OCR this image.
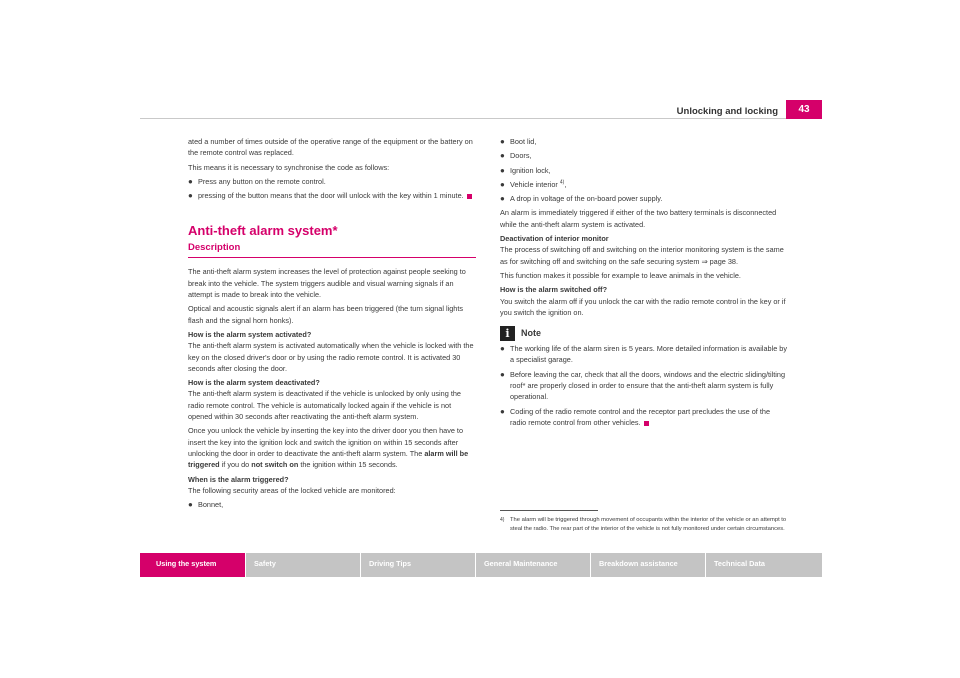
Unlocking and locking	43

ated a number of times outside of the operative range of the equipment or the battery on the remote control was replaced.

This means it is necessary to synchronise the code as follows:

● Press any button on the remote control.
● pressing of the button means that the door will unlock with the key within 1 minute.
Anti-theft alarm system*
Description

The anti-theft alarm system increases the level of protection against people seeking to break into the vehicle. The system triggers audible and visual warning signals if an attempt is made to break into the vehicle.

Optical and acoustic signals alert if an alarm has been triggered (the turn signal lights flash and the signal horn honks).

How is the alarm system activated?

The anti-theft alarm system is activated automatically when the vehicle is locked with the key on the closed driver's door or by using the radio remote control. It is activated 30 seconds after closing the door.

How is the alarm system deactivated?

The anti-theft alarm system is deactivated if the vehicle is unlocked by only using the radio remote control. The vehicle is automatically locked again if the vehicle is not opened within 30 seconds after reactivating the anti-theft alarm system.

Once you unlock the vehicle by inserting the key into the driver door you then have to insert the key into the ignition lock and switch the ignition on within 15 seconds after unlocking the door in order to deactivate the anti-theft alarm system. The alarm will be triggered if you do not switch on the ignition within 15 seconds.

When is the alarm triggered?

The following security areas of the locked vehicle are monitored:

● Bonnet,
● Boot lid,
● Doors,
● Ignition lock,
● Vehicle interior $^{4)}$,
● A drop in voltage of the on-board power supply.

An alarm is immediately triggered if either of the two battery terminals is disconnected while the anti-theft alarm system is activated.

Deactivation of interior monitor

The process of switching off and switching on the interior monitoring system is the same as for switching off and switching on the safe securing system ⇒ page 38.

This function makes it possible for example to leave animals in the vehicle.

How is the alarm switched off?

You switch the alarm off if you unlock the car with the radio remote control in the key or if you switch the ignition on.

i	Note
● The working life of the alarm siren is 5 years. More detailed information is available by a specialist garage.
● Before leaving the car, check that all the doors, windows and the electric sliding/tilting roof* are properly closed in order to ensure that the anti-theft alarm system is fully operational.
● Coding of the radio remote control and the receptor part precludes the use of the radio remote control from other vehicles.
4) The alarm will be triggered through movement of occupants within the interior of the vehicle or an attempt to steal the radio. The rear part of the interior of the vehicle is not fully monitored under certain circumstances.
Using the system	Safety	Driving Tips	General Maintenance	Breakdown assistance	Technical Data
